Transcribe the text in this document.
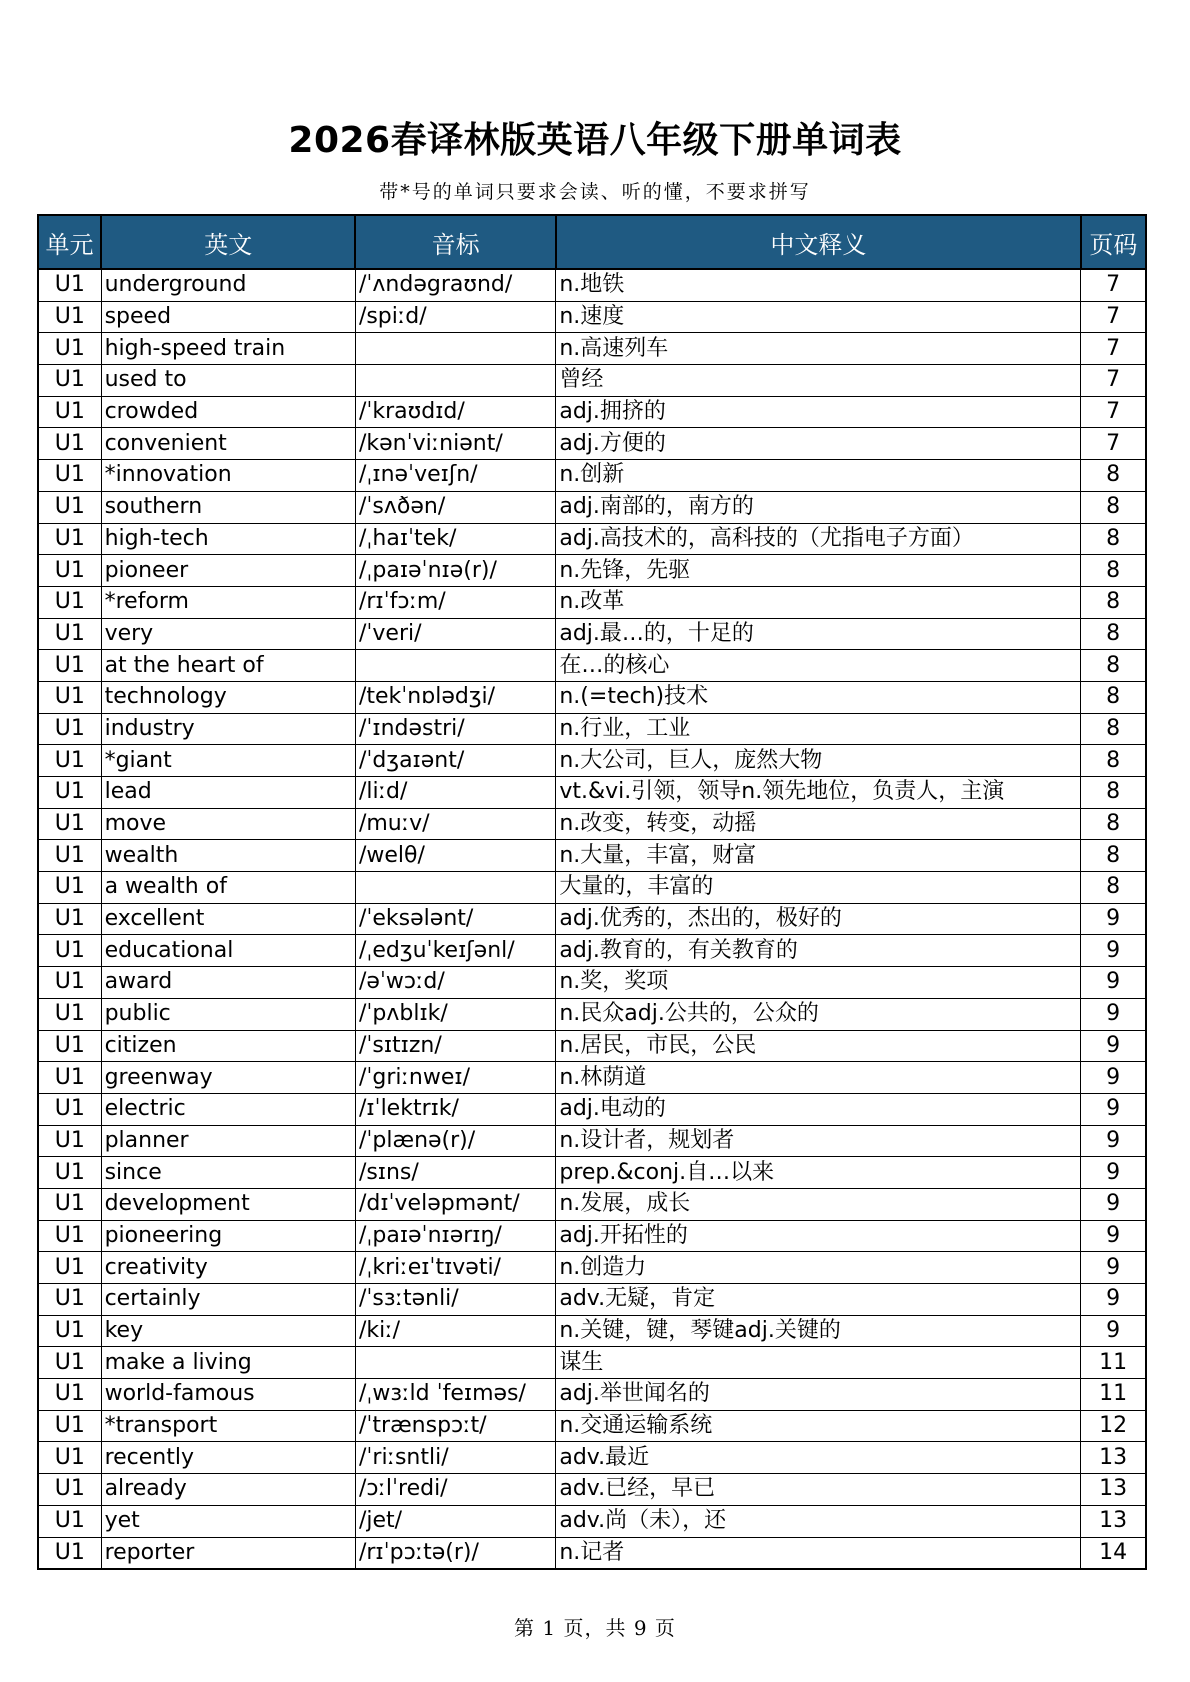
2026春译林版英语八年级下册单词表
带*号的单词只要求会读、听的懂，不要求拼写
单元	英文	音标	中文释义	页码
U1	underground	/ˈʌndəgraʊnd/	n.地铁	7
U1	speed	/spiːd/	n.速度	7
U1	high-speed train		n.高速列车	7
U1	used to		曾经	7
U1	crowded	/ˈkraʊdɪd/	adj.拥挤的	7
U1	convenient	/kənˈviːniənt/	adj.方便的	7
U1	*innovation	/ˌɪnəˈveɪʃn/	n.创新	8
U1	southern	/ˈsʌðən/	adj.南部的，南方的	8
U1	high-tech	/ˌhaɪˈtek/	adj.高技术的，高科技的（尤指电子方面）	8
U1	pioneer	/ˌpaɪəˈnɪə(r)/	n.先锋，先驱	8
U1	*reform	/rɪˈfɔːm/	n.改革	8
U1	very	/ˈveri/	adj.最…的，十足的	8
U1	at the heart of		在…的核心	8
U1	technology	/tekˈnɒlədʒi/	n.(=tech)技术	8
U1	industry	/ˈɪndəstri/	n.行业，工业	8
U1	*giant	/ˈdʒaɪənt/	n.大公司，巨人，庞然大物	8
U1	lead	/liːd/	vt.&vi.引领，领导n.领先地位，负责人，主演	8
U1	move	/muːv/	n.改变，转变，动摇	8
U1	wealth	/welθ/	n.大量，丰富，财富	8
U1	a wealth of		大量的，丰富的	8
U1	excellent	/ˈeksələnt/	adj.优秀的，杰出的，极好的	9
U1	educational	/ˌedʒuˈkeɪʃənl/	adj.教育的，有关教育的	9
U1	award	/əˈwɔːd/	n.奖，奖项	9
U1	public	/ˈpʌblɪk/	n.民众adj.公共的，公众的	9
U1	citizen	/ˈsɪtɪzn/	n.居民，市民，公民	9
U1	greenway	/ˈgriːnweɪ/	n.林荫道	9
U1	electric	/ɪˈlektrɪk/	adj.电动的	9
U1	planner	/ˈplænə(r)/	n.设计者，规划者	9
U1	since	/sɪns/	prep.&conj.自…以来	9
U1	development	/dɪˈveləpmənt/	n.发展，成长	9
U1	pioneering	/ˌpaɪəˈnɪərɪŋ/	adj.开拓性的	9
U1	creativity	/ˌkriːeɪˈtɪvəti/	n.创造力	9
U1	certainly	/ˈsɜːtənli/	adv.无疑，肯定	9
U1	key	/kiː/	n.关键，键，琴键adj.关键的	9
U1	make a living		谋生	11
U1	world-famous	/ˌwɜːld ˈfeɪməs/	adj.举世闻名的	11
U1	*transport	/ˈtrænspɔːt/	n.交通运输系统	12
U1	recently	/ˈriːsntli/	adv.最近	13
U1	already	/ɔːlˈredi/	adv.已经，早已	13
U1	yet	/jet/	adv.尚（未），还	13
U1	reporter	/rɪˈpɔːtə(r)/	n.记者	14
第 1 页，共 9 页
